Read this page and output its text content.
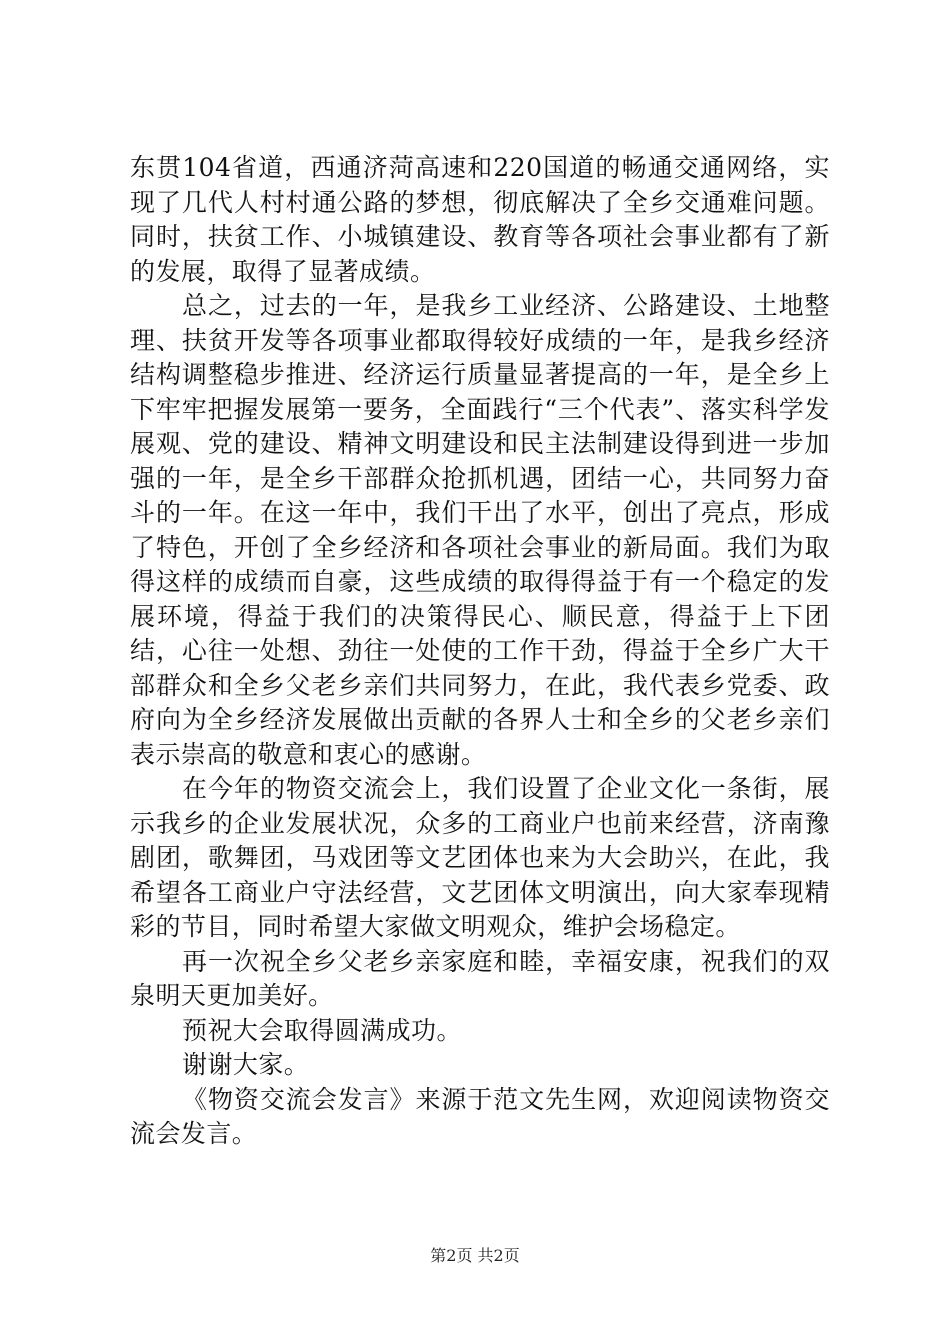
东贯104省道，西通济菏高速和220国道的畅通交通网络，实现了几代人村村通公路的梦想，彻底解决了全乡交通难问题。同时，扶贫工作、小城镇建设、教育等各项社会事业都有了新的发展，取得了显著成绩。

总之，过去的一年，是我乡工业经济、公路建设、土地整理、扶贫开发等各项事业都取得较好成绩的一年，是我乡经济结构调整稳步推进、经济运行质量显著提高的一年，是全乡上下牢牢把握发展第一要务，全面践行“三个代表”、落实科学发展观、党的建设、精神文明建设和民主法制建设得到进一步加强的一年，是全乡干部群众抢抓机遇，团结一心，共同努力奋斗的一年。在这一年中，我们干出了水平，创出了亮点，形成了特色，开创了全乡经济和各项社会事业的新局面。我们为取得这样的成绩而自豪，这些成绩的取得得益于有一个稳定的发展环境，得益于我们的决策得民心、顺民意，得益于上下团结，心往一处想、劲往一处使的工作干劲，得益于全乡广大干部群众和全乡父老乡亲们共同努力，在此，我代表乡党委、政府向为全乡经济发展做出贡献的各界人士和全乡的父老乡亲们表示崇高的敬意和衷心的感谢。

在今年的物资交流会上，我们设置了企业文化一条街，展示我乡的企业发展状况，众多的工商业户也前来经营，济南豫剧团，歌舞团，马戏团等文艺团体也来为大会助兴，在此，我希望各工商业户守法经营，文艺团体文明演出，向大家奉现精彩的节目，同时希望大家做文明观众，维护会场稳定。

再一次祝全乡父老乡亲家庭和睦，幸福安康，祝我们的双泉明天更加美好。

预祝大会取得圆满成功。

谢谢大家。

《物资交流会发言》来源于范文先生网，欢迎阅读物资交流会发言。

第2页 共2页
